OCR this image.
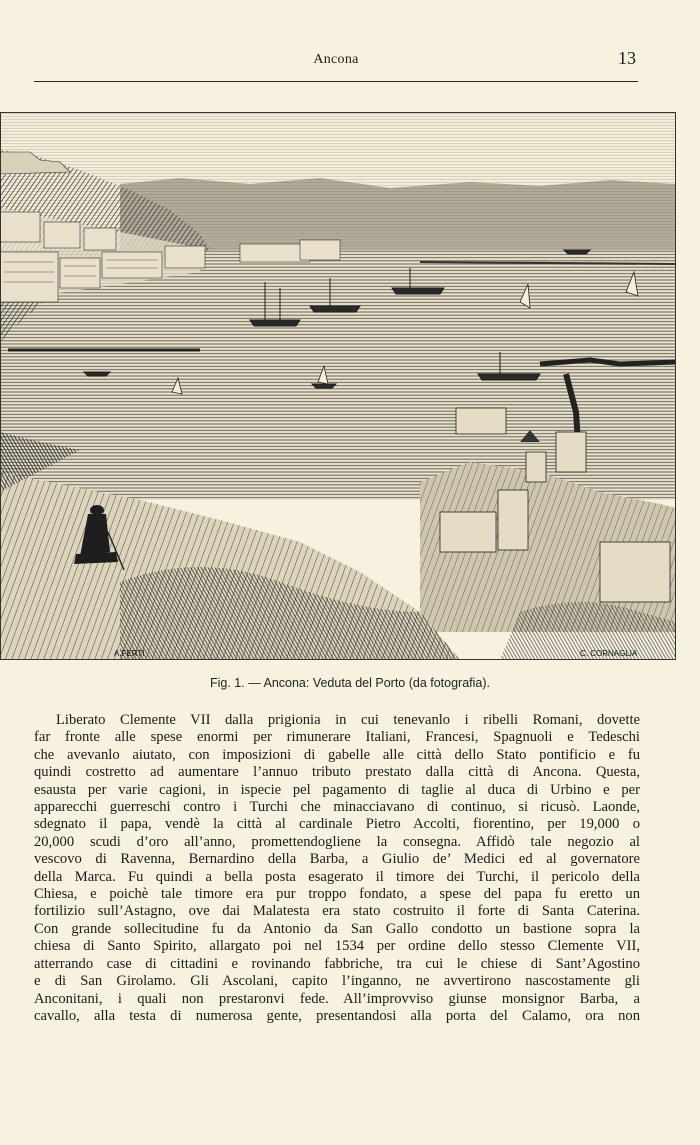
Ancona	13
A.FERTI	C. CORNAGLIA
Fig. 1. — Ancona: Veduta del Porto (da fotografia).
Liberato Clemente VII dalla prigionia in cui tenevanlo i ribelli Romani, dovette
far fronte alle spese enormi per rimunerare Italiani, Francesi, Spagnuoli e Tedeschi
che avevanlo aiutato, con imposizioni di gabelle alle città dello Stato pontificio e fu
quindi costretto ad aumentare l’annuo tributo prestato dalla città di Ancona. Questa,
esausta per varie cagioni, in ispecie pel pagamento di taglie al duca di Urbino e per
apparecchi guerreschi contro i Turchi che minacciavano di continuo, si ricusò. Laonde,
sdegnato il papa, vendè la città al cardinale Pietro Accolti, fiorentino, per 19,000 o
20,000 scudi d’oro all’anno, promettendogliene la consegna. Affidò tale negozio al
vescovo di Ravenna, Bernardino della Barba, a Giulio de’ Medici ed al governatore
della Marca. Fu quindi a bella posta esagerato il timore dei Turchi, il pericolo della
Chiesa, e poichè tale timore era pur troppo fondato, a spese del papa fu eretto un
fortilizio sull’Astagno, ove dai Malatesta era stato costruito il forte di Santa Caterina.
Con grande sollecitudine fu da Antonio da San Gallo condotto un bastione sopra la
chiesa di Santo Spirito, allargato poi nel 1534 per ordine dello stesso Clemente VII,
atterrando case di cittadini e rovinando fabbriche, tra cui le chiese di Sant’Agostino
e di San Girolamo. Gli Ascolani, capito l’inganno, ne avvertirono nascostamente gli
Anconitani, i quali non prestaronvi fede. All’improvviso giunse monsignor Barba, a
cavallo, alla testa di numerosa gente, presentandosi alla porta del Calamo, ora non
